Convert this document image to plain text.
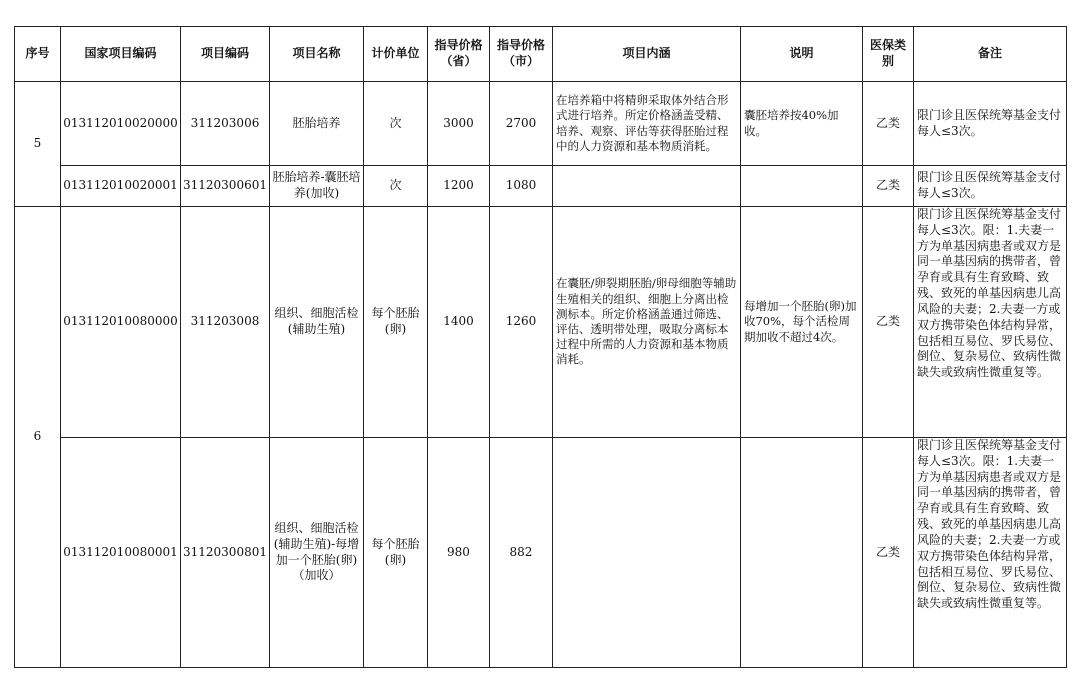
序号	国家项目编码	项目编码	项目名称	计价单位	指导价格（省）	指导价格（市）	项目内涵	说明	医保类别	备注
5	013112010020000	311203006	胚胎培养	次	3000	2700	在培养箱中将精卵采取体外结合形式进行培养。所定价格涵盖受精、培养、观察、评估等获得胚胎过程中的人力资源和基本物质消耗。	囊胚培养按40%加收。	乙类	限门诊且医保统筹基金支付每人≤3次。
	013112010020001	31120300601	胚胎培养-囊胚培养(加收)	次	1200	1080			乙类	限门诊且医保统筹基金支付每人≤3次。
6	013112010080000	311203008	组织、细胞活检 (辅助生殖)	每个胚胎(卵)	1400	1260	在囊胚/卵裂期胚胎/卵母细胞等辅助生殖相关的组织、细胞上分离出检测标本。所定价格涵盖通过筛选、评估、透明带处理，吸取分离标本过程中所需的人力资源和基本物质消耗。	每增加一个胚胎(卵)加收70%，每个活检周期加收不超过4次。	乙类	限门诊且医保统筹基金支付每人≤3次。限：1.夫妻一方为单基因病患者或双方是同一单基因病的携带者，曾孕育或具有生育致畸、致残、致死的单基因病患儿高风险的夫妻；2.夫妻一方或双方携带染色体结构异常，包括相互易位、罗氏易位、倒位、复杂易位、致病性微缺失或致病性微重复等。
	013112010080001	31120300801	组织、细胞活检(辅助生殖)-每增加一个胚胎(卵)（加收）	每个胚胎(卵)	980	882			乙类	限门诊且医保统筹基金支付每人≤3次。限：1.夫妻一方为单基因病患者或双方是同一单基因病的携带者，曾孕育或具有生育致畸、致残、致死的单基因病患儿高风险的夫妻；2.夫妻一方或双方携带染色体结构异常，包括相互易位、罗氏易位、倒位、复杂易位、致病性微缺失或致病性微重复等。
